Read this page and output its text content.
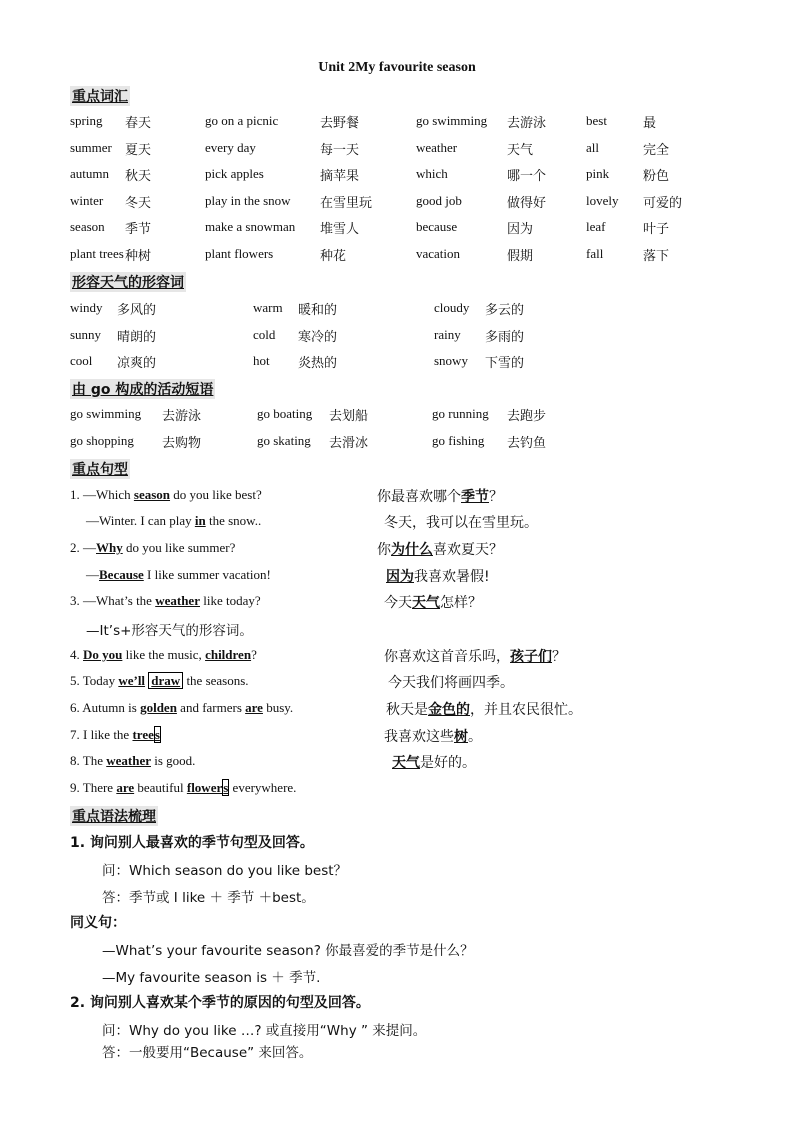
Unit 2My favourite season
重点词汇
spring 春天	go on a picnic	去野餐	go swimming 去游泳	best	最
summer 夏天	every day	每一天	weather	天气	all	完全
autumn 秋天	pick apples	摘苹果	which	哪一个	pink	粉色
winter 冬天	play in the snow 在雪里玩	good job	做得好	lovely 可爱的
season 季节	make a snowman 堆雪人	because	因为	leaf	叶子
plant trees 种树	plant flowers	种花	vacation	假期	fall	落下
形容天气的形容词
windy 多风的	warm 暖和的	cloudy 多云的
sunny 晴朗的	cold 寒冷的	rainy 多雨的
cool 凉爽的	hot 炎热的	snowy 下雪的
由 go 构成的活动短语
go swimming 去游泳	go boating 去划船	go running 去跑步
go shopping 去购物	go skating 去滑冰	go fishing 去钓鱼
重点句型
1. —Which season do you like best?	你最喜欢哪个季节？
—Winter. I can play in the snow..	冬天，我可以在雪里玩。
2. —Why do you like summer?	你为什么喜欢夏天？
—Because I like summer vacation!	因为我喜欢暑假!
3. —What’s the weather like today?	今天天气怎样？
—It’s+形容天气的形容词。
4. Do you like the music, children?	你喜欢这首音乐吗，孩子们？
5. Today we’ll draw the seasons.	今天我们将画四季。
6. Autumn is golden and farmers are busy.	秋天是金色的，并且农民很忙。
7. I like the trees	我喜欢这些树。
8. The weather is good.	天气是好的。
9. There are beautiful flowers everywhere.
重点语法梳理
1. 询问别人最喜欢的季节句型及回答。
问：Which season do you like best？
答：季节或 I like ＋ 季节 ＋best。
同义句：
—What’s your favourite season? 你最喜爱的季节是什么？
—My favourite season is ＋ 季节.
2. 询问别人喜欢某个季节的原因的句型及回答。
问：Why do you like …? 或直接用“Why ” 来提问。
答：一般要用“Because” 来回答。
